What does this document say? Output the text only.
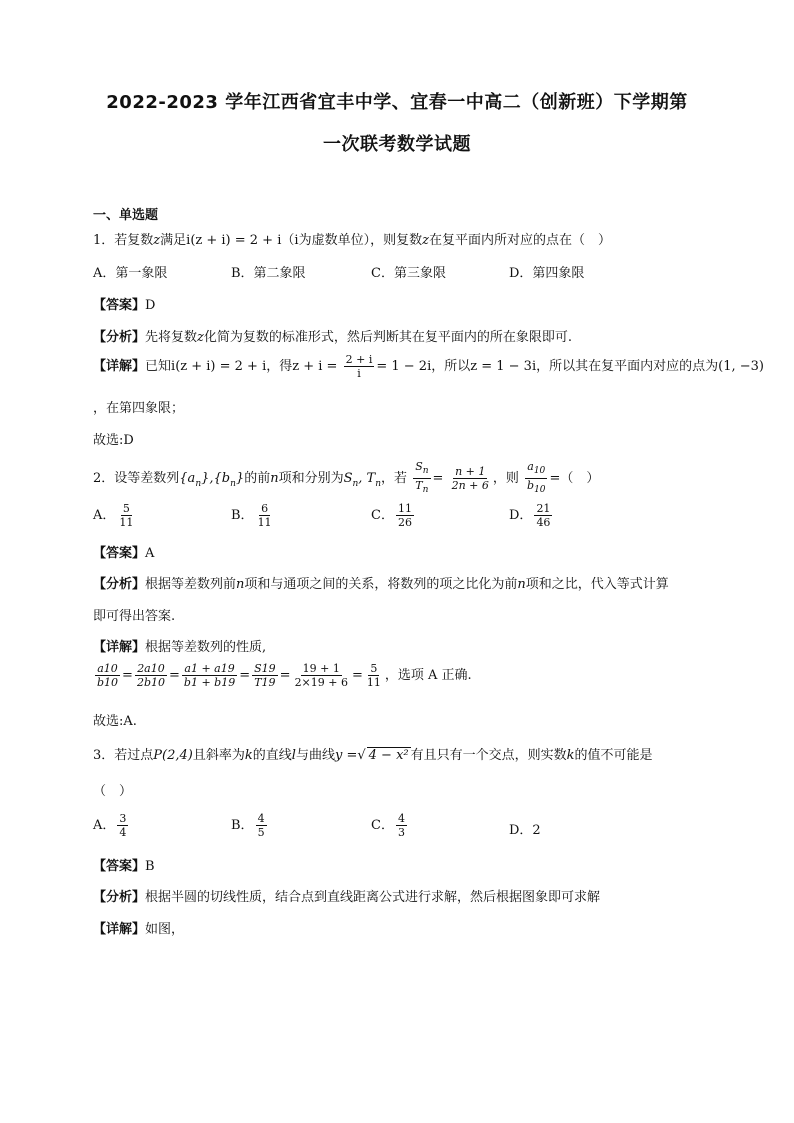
2022-2023 学年江西省宜丰中学、宜春一中高二（创新班）下学期第
一次联考数学试题
一、单选题
1．若复数z满足i(z + i) = 2 + i（i为虚数单位），则复数z在复平面内所对应的点在（　）
A．第一象限	B．第二象限	C．第三象限	D．第四象限
【答案】D
【分析】先将复数z化简为复数的标准形式，然后判断其在复平面内的所在象限即可.
【详解】已知i(z + i) = 2 + i，得$z + i = \frac{2 + i}{i} = 1 - 2i$，所以z = 1 − 3i，所以其在复平面内对应的点为(1, −3)
，在第四象限；
故选:D
2．设等差数列$\{a_n\},\{b_n\}$的前n项和分别为$S_n$, $T_n$，若 $\frac{S_n}{T_n} = \frac{n + 1}{2n + 6}$ ，则 $\frac{a_{10}}{b_{10}}$ =（　）
A． $\frac{5}{11}$	B． $\frac{6}{11}$	C． $\frac{11}{26}$	D． $\frac{21}{46}$
【答案】A
【分析】根据等差数列前n项和与通项之间的关系，将数列的项之比化为前n项和之比，代入等式计算
即可得出答案.
【详解】根据等差数列的性质,
$\frac{a10}{b10} = \frac{2a10}{2b10} = \frac{a1 + a19}{b1 + b19} = \frac{S19}{T19} = \frac{19 + 1}{2\times 19 + 6} = \frac{5}{11}$ ，选项 A 正确.
故选:A.
3．若过点P(2,4)且斜率为k的直线l与曲线y =√ 4 − x² 有且只有一个交点，则实数k的值不可能是
（　）
A． $\frac{3}{4}$	B． $\frac{4}{5}$	C． $\frac{4}{3}$	D．2
【答案】B
【分析】根据半圆的切线性质，结合点到直线距离公式进行求解，然后根据图象即可求解
【详解】如图，
